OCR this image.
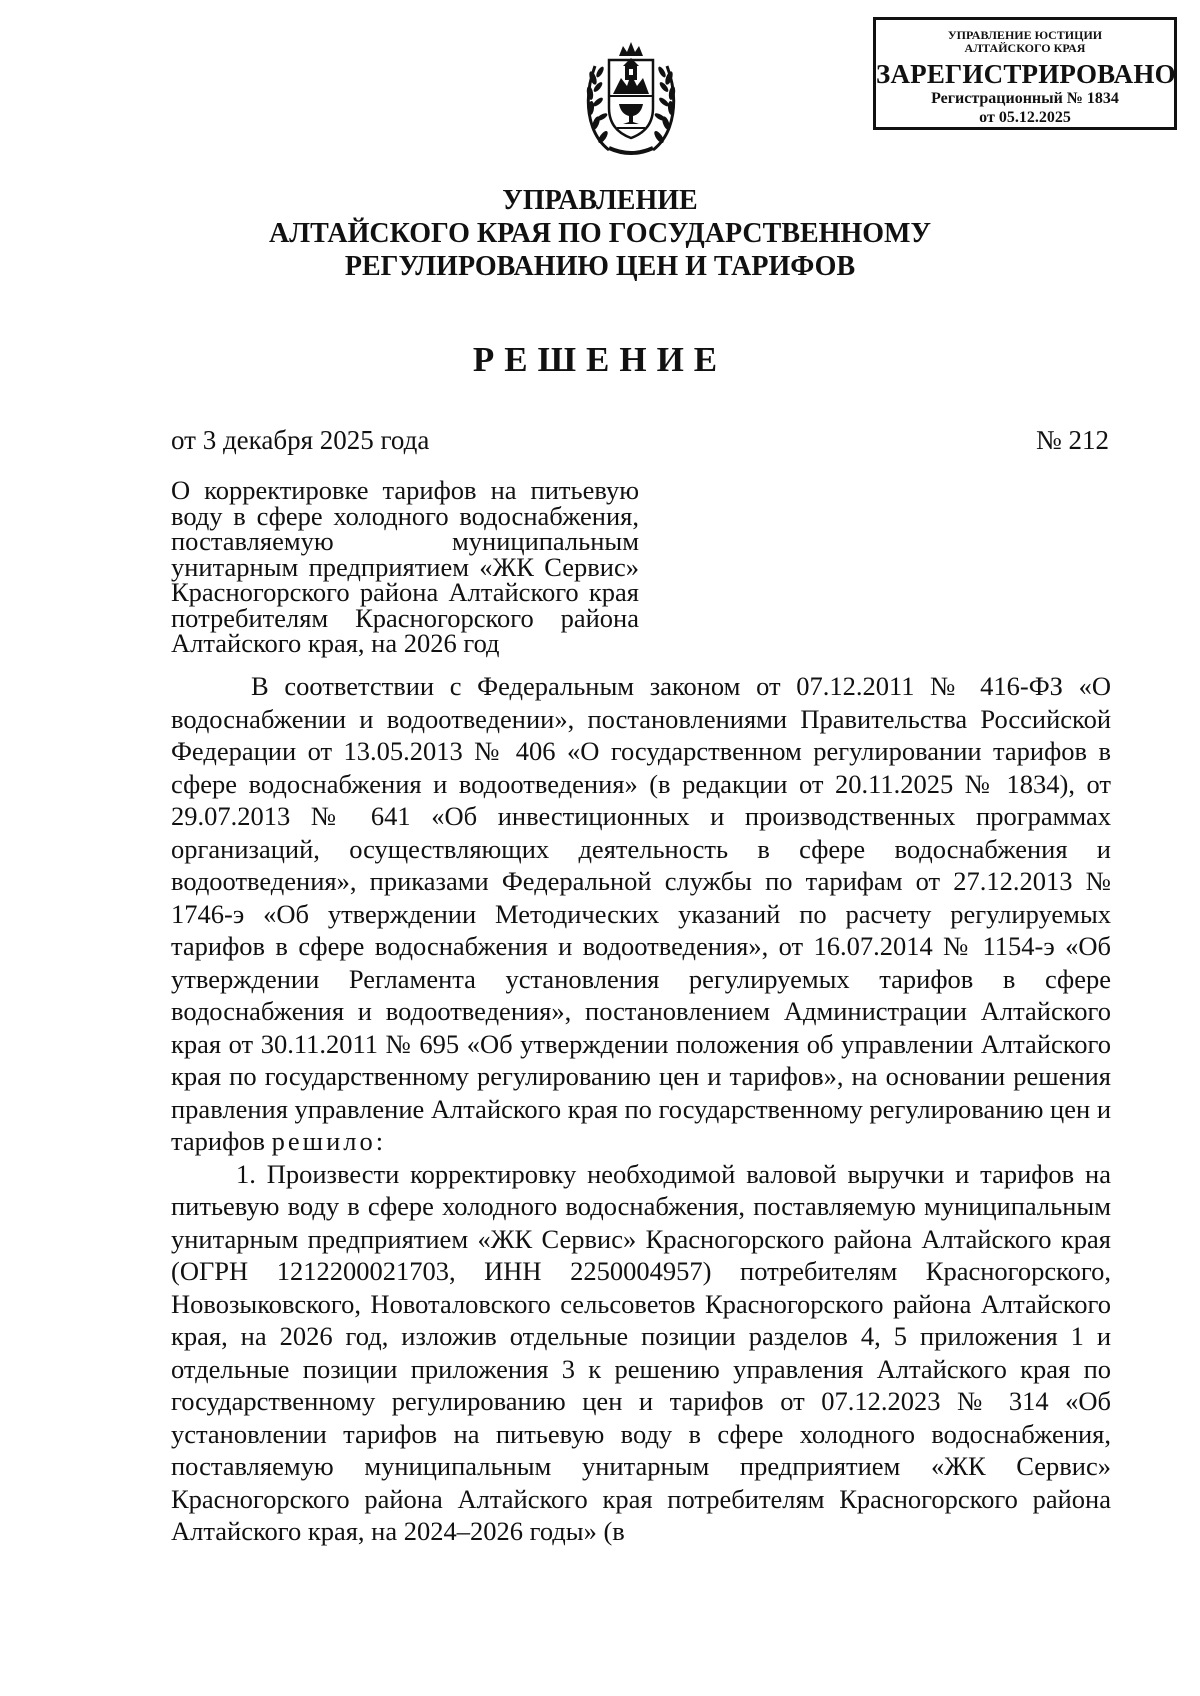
УПРАВЛЕНИЕ ЮСТИЦИИ
АЛТАЙСКОГО КРАЯ
ЗАРЕГИСТРИРОВАНО
Регистрационный № 1834
от 05.12.2025
УПРАВЛЕНИЕ
АЛТАЙСКОГО КРАЯ ПО ГОСУДАРСТВЕННОМУ
РЕГУЛИРОВАНИЮ ЦЕН И ТАРИФОВ
РЕШЕНИЕ
от 3 декабря 2025 года	№ 212
О корректировке тарифов на питьевую воду в сфере холодного водоснабжения, поставляемую муниципальным унитарным предприятием «ЖК Сервис» Красногорского района Алтайского края потребителям Красногорского района Алтайского края, на 2026 год

В соответствии с Федеральным законом от 07.12.2011 № 416-ФЗ «О водоснабжении и водоотведении», постановлениями Правительства Российской Федерации от 13.05.2013 № 406 «О государственном регулировании тарифов в сфере водоснабжения и водоотведения» (в редакции от 20.11.2025 № 1834), от 29.07.2013 № 641 «Об инвестиционных и производственных программах организаций, осуществляющих деятельность в сфере водоснабжения и водоотведения», приказами Федеральной службы по тарифам от 27.12.2013 № 1746-э «Об утверждении Методических указаний по расчету регулируемых тарифов в сфере водоснабжения и водоотведения», от 16.07.2014 № 1154-э «Об утверждении Регламента установления регулируемых тарифов в сфере водоснабжения и водоотведения», постановлением Администрации Алтайского края от 30.11.2011 № 695 «Об утверждении положения об управлении Алтайского края по государственному регулированию цен и тарифов», на основании решения правления управление Алтайского края по государственному регулированию цен и тарифов решило:

1. Произвести корректировку необходимой валовой выручки и тарифов на питьевую воду в сфере холодного водоснабжения, поставляемую муниципальным унитарным предприятием «ЖК Сервис» Красногорского района Алтайского края (ОГРН 1212200021703, ИНН 2250004957) потребителям Красногорского, Новозыковского, Новоталовского сельсоветов Красногорского района Алтайского края, на 2026 год, изложив отдельные позиции разделов 4, 5 приложения 1 и отдельные позиции приложения 3 к решению управления Алтайского края по государственному регулированию цен и тарифов от 07.12.2023 № 314 «Об установлении тарифов на питьевую воду в сфере холодного водоснабжения, поставляемую муниципальным унитарным предприятием «ЖК Сервис» Красногорского района Алтайского края потребителям Красногорского района Алтайского края, на 2024–2026 годы» (в
